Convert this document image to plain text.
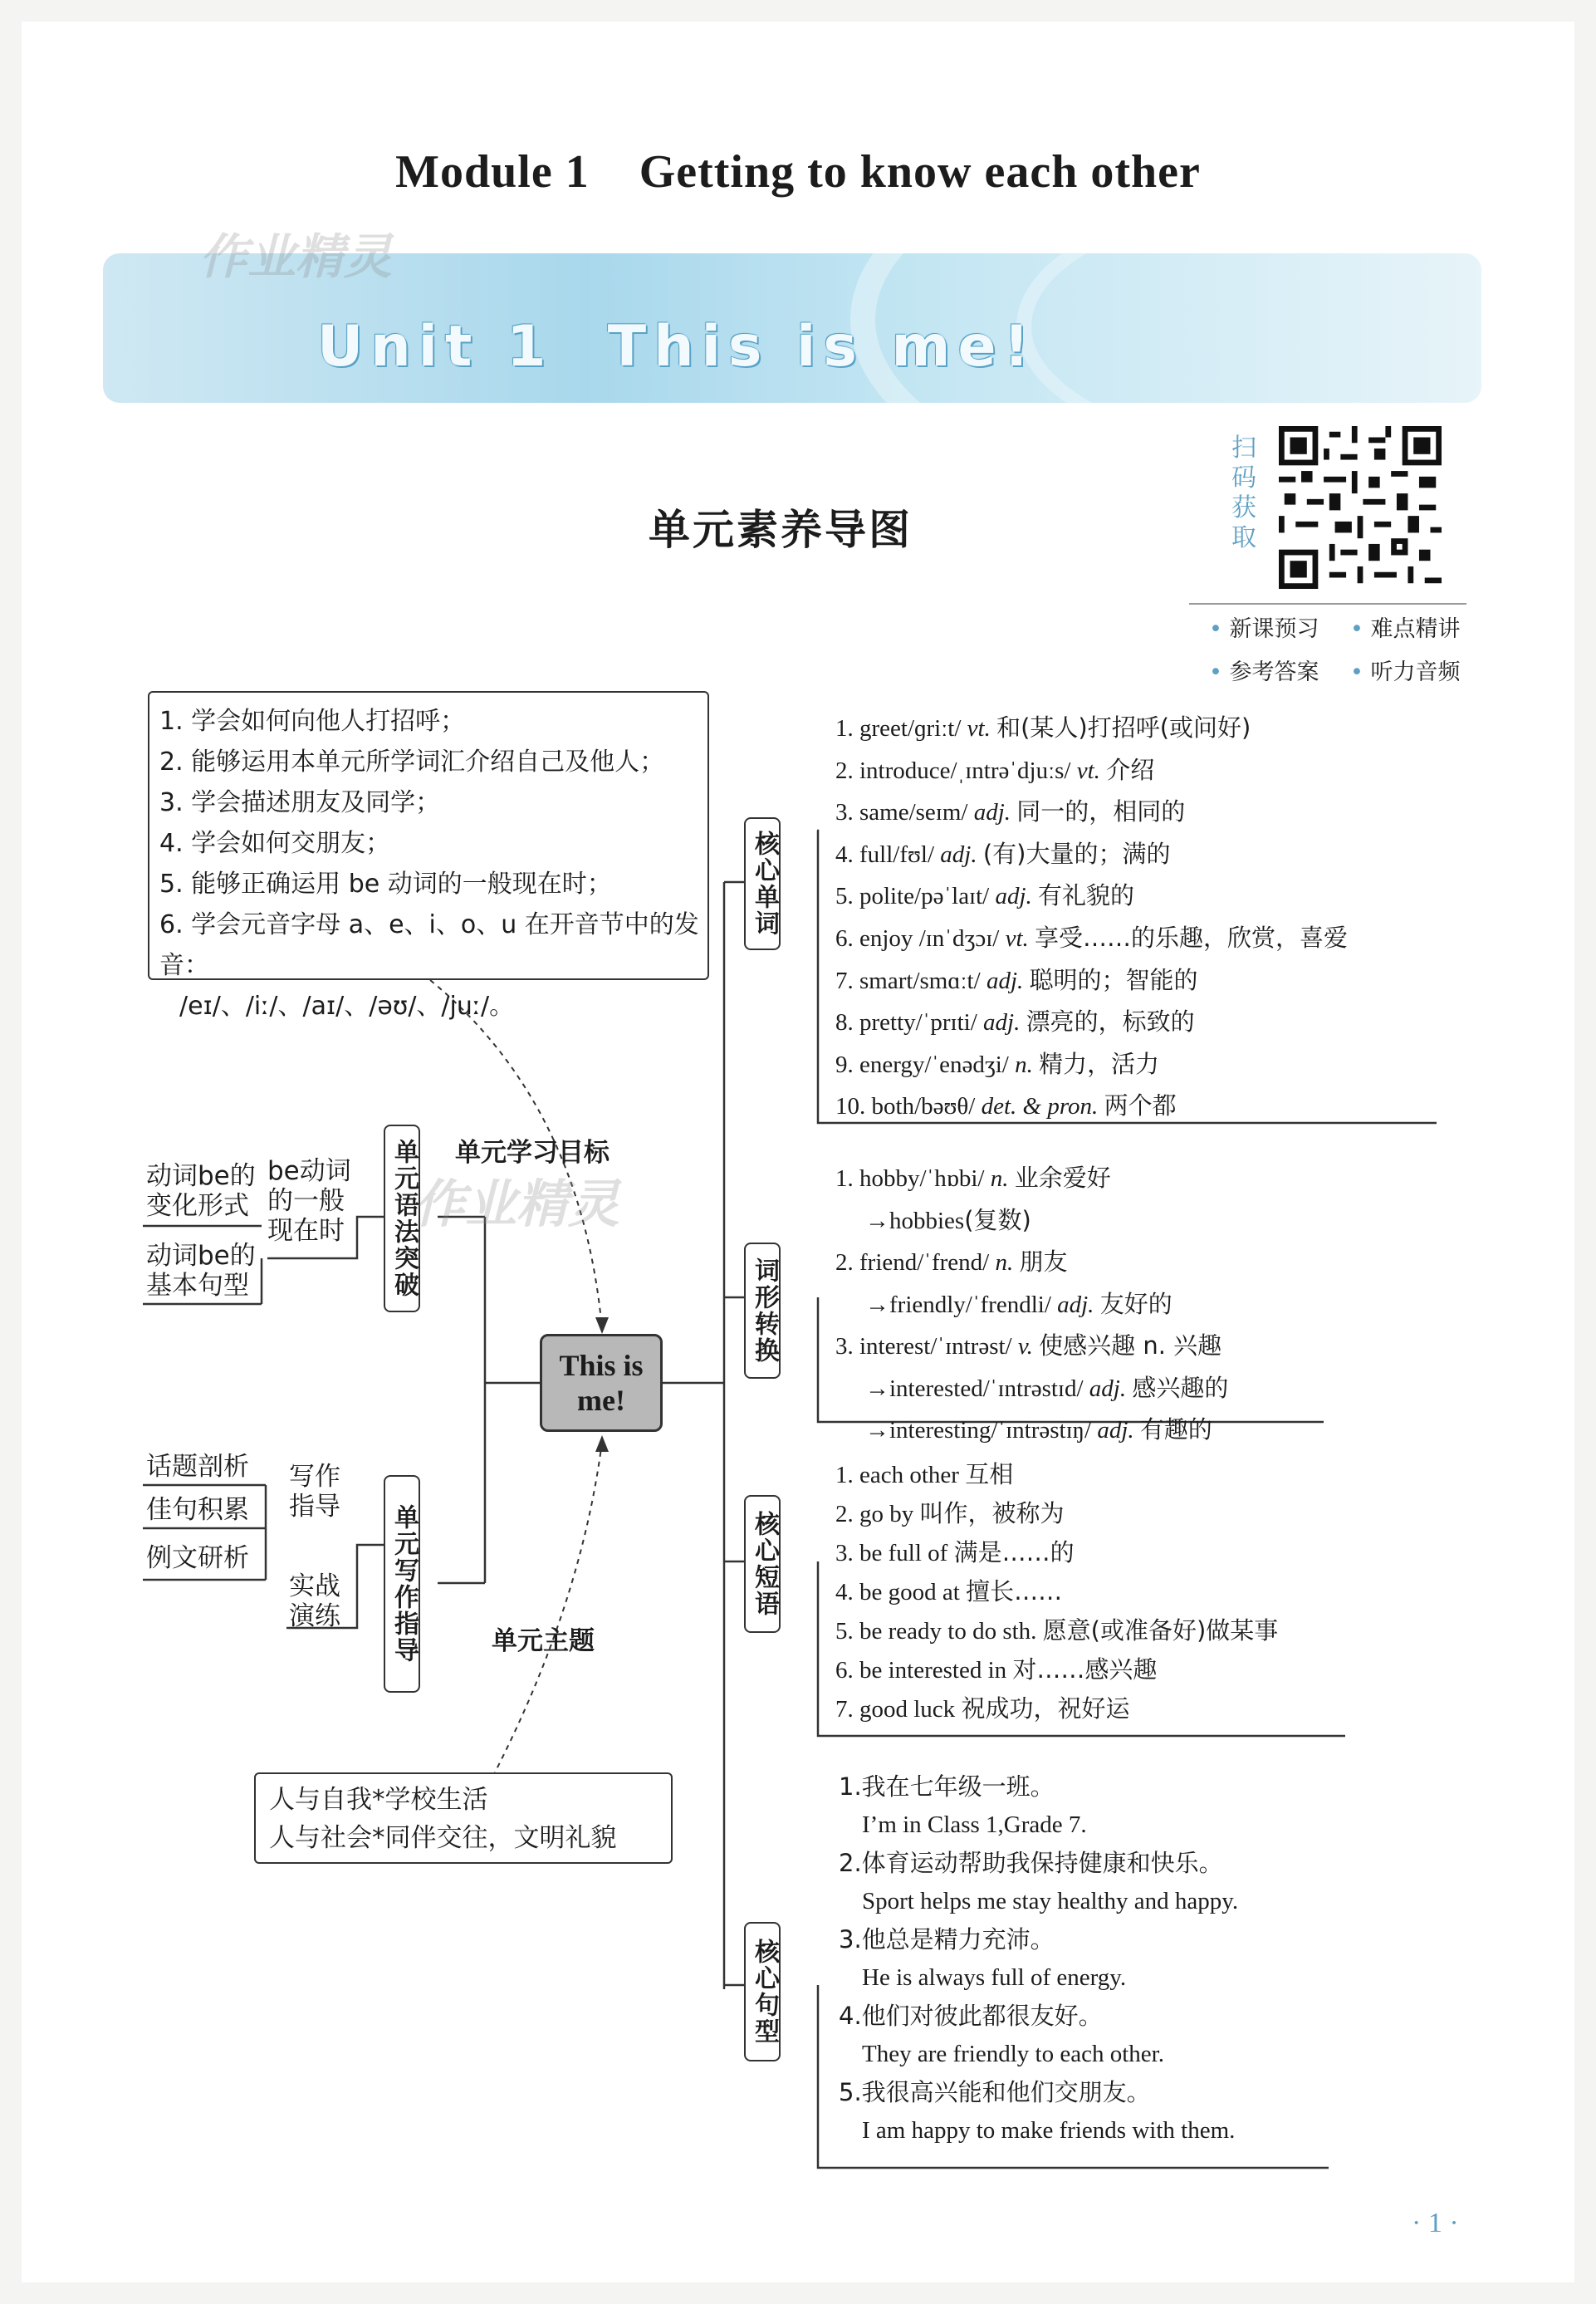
Module 1    Getting to know each other
作业精灵
Unit 1  This is me!
单元素养导图
扫码获取
• 新课预习 • 难点精讲
• 参考答案 • 听力音频
1. 学会如何向他人打招呼；
2. 能够运用本单元所学词汇介绍自己及他人；
3. 学会描述朋友及同学；
4. 学会如何交朋友；
5. 能够正确运用 be 动词的一般现在时；
6. 学会元音字母 a、e、i、o、u 在开音节中的发音：
/eɪ/、/iː/、/aɪ/、/əʊ/、/juː/。
This is
me!
单元学习目标
单元主题
单元语法突破
动词be的
变化形式
be动词
的一般
现在时
动词be的
基本句型
作业精灵
单元写作指导
话题剖析
佳句积累
例文研析
写作
指导
实战
演练
人与自我*学校生活
人与社会*同伴交往，文明礼貌
核心单词
词形转换
核心短语
核心句型
1. greet/ɡriːt/ vt. 和(某人)打招呼(或问好)
2. introduce/ˌɪntrəˈdjuːs/ vt. 介绍
3. same/seɪm/ adj. 同一的，相同的
4. full/fʊl/ adj. (有)大量的；满的
5. polite/pəˈlaɪt/ adj. 有礼貌的
6. enjoy /ɪnˈdʒɔɪ/ vt. 享受……的乐趣，欣赏，喜爱
7. smart/smɑːt/ adj. 聪明的；智能的
8. pretty/ˈprɪti/ adj. 漂亮的，标致的
9. energy/ˈenədʒi/ n. 精力，活力
10. both/bəʊθ/ det. & pron. 两个都
1. hobby/ˈhɒbi/ n. 业余爱好
→hobbies(复数)
2. friend/ˈfrend/ n. 朋友
→friendly/ˈfrendli/ adj. 友好的
3. interest/ˈɪntrəst/ v. 使感兴趣 n. 兴趣
→interested/ˈɪntrəstɪd/ adj. 感兴趣的
→interesting/ˈɪntrəstɪŋ/ adj. 有趣的
1. each other 互相
2. go by 叫作，被称为
3. be full of 满是……的
4. be good at 擅长……
5. be ready to do sth. 愿意(或准备好)做某事
6. be interested in 对……感兴趣
7. good luck 祝成功，祝好运
1.我在七年级一班。
I’m in Class 1,Grade 7.
2.体育运动帮助我保持健康和快乐。
Sport helps me stay healthy and happy.
3.他总是精力充沛。
He is always full of energy.
4.他们对彼此都很友好。
They are friendly to each other.
5.我很高兴能和他们交朋友。
I am happy to make friends with them.
· 1 ·
